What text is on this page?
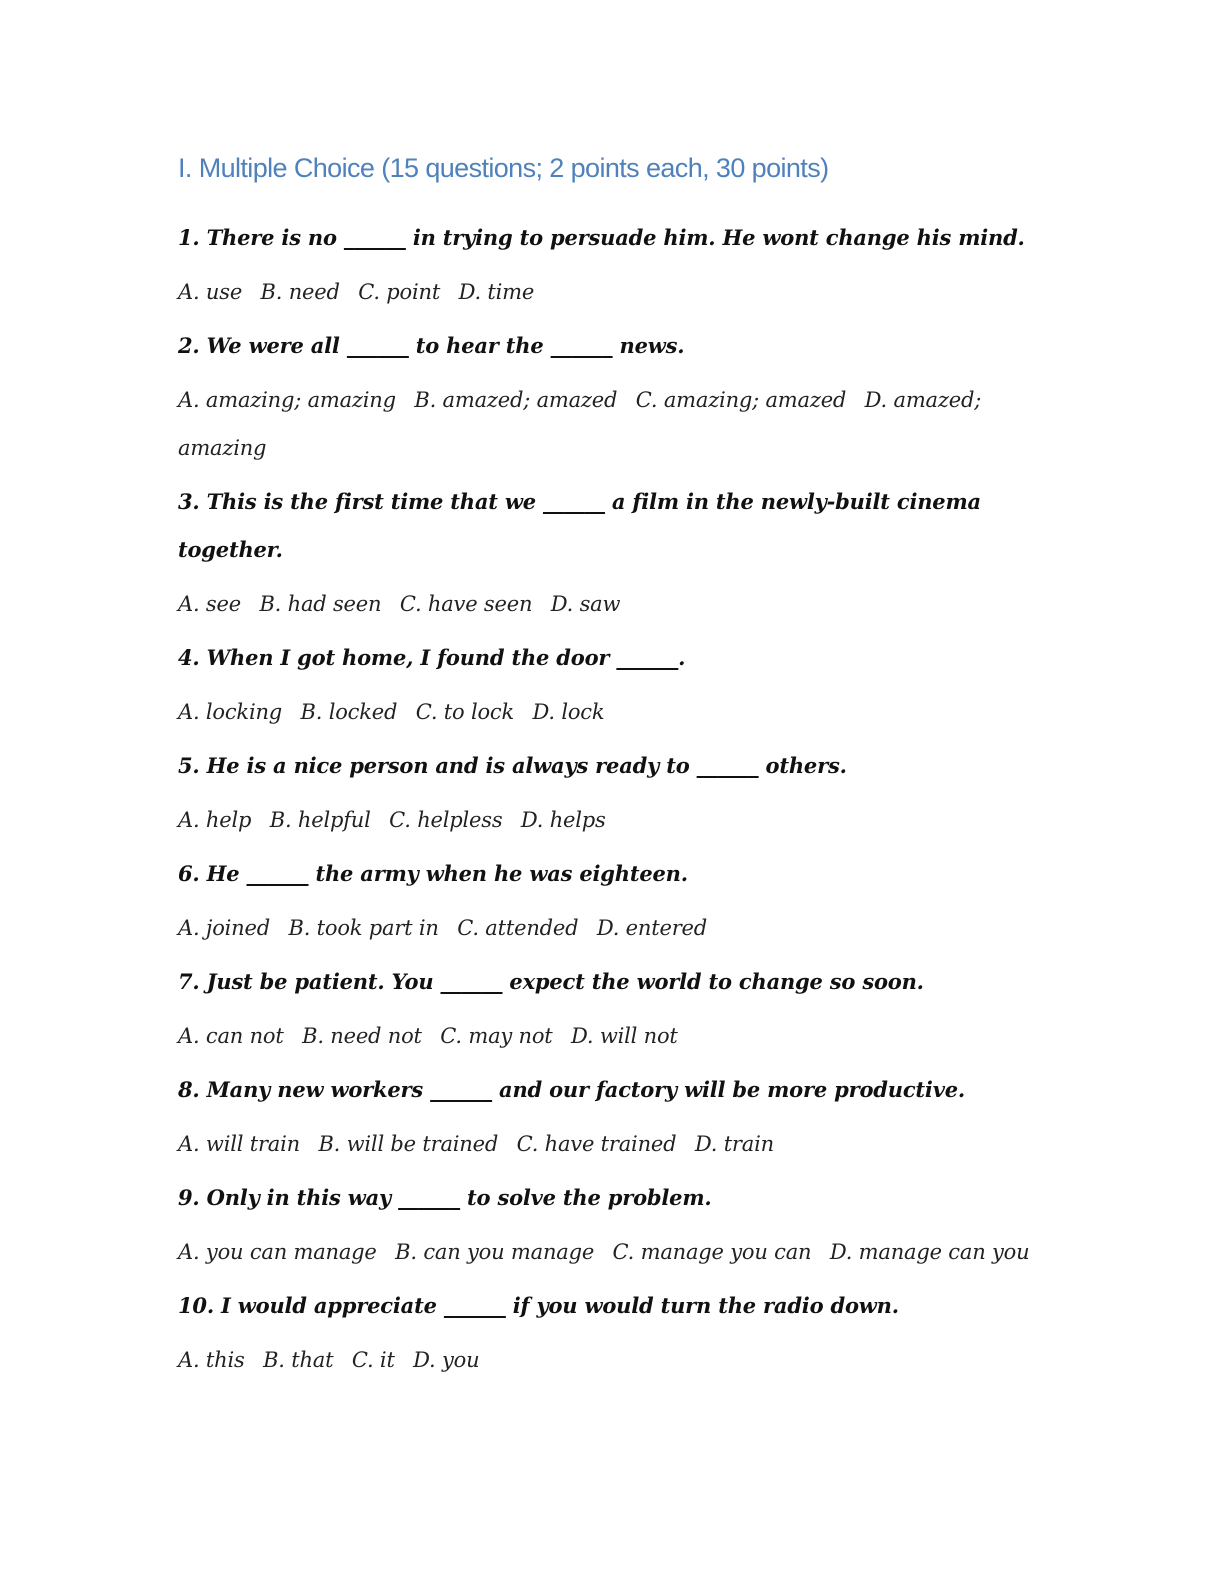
I. Multiple Choice (15 questions; 2 points each, 30 points)

1. There is no ______ in trying to persuade him. He wont change his mind.

A. use B. need C. point D. time

2. We were all ______ to hear the ______ news.

A. amazing; amazing B. amazed; amazed C. amazing; amazed D. amazed; amazing

3. This is the first time that we ______ a film in the newly-built cinema together.

A. see B. had seen C. have seen D. saw

4. When I got home, I found the door ______.

A. locking B. locked C. to lock D. lock

5. He is a nice person and is always ready to ______ others.

A. help B. helpful C. helpless D. helps

6. He ______ the army when he was eighteen.

A. joined B. took part in C. attended D. entered

7. Just be patient. You ______ expect the world to change so soon.

A. can not B. need not C. may not D. will not

8. Many new workers ______ and our factory will be more productive.

A. will train B. will be trained C. have trained D. train

9. Only in this way ______ to solve the problem.

A. you can manage B. can you manage C. manage you can D. manage can you

10. I would appreciate ______ if you would turn the radio down.

A. this B. that C. it D. you
